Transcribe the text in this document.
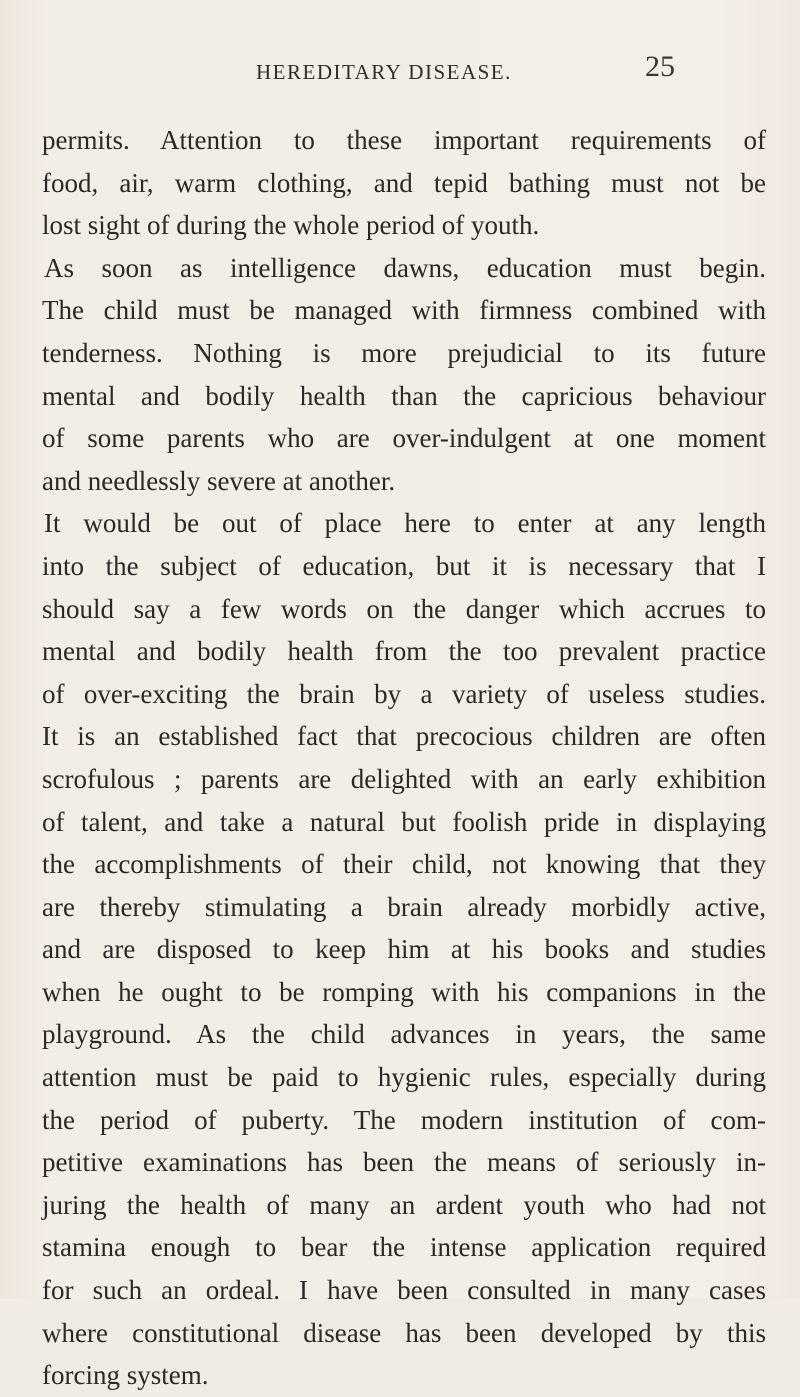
HEREDITARY DISEASE.	25
permits. Attention to these important requirements of
food, air, warm clothing, and tepid bathing must not be
lost sight of during the whole period of youth.
As soon as intelligence dawns, education must begin.
The child must be managed with firmness combined with
tenderness. Nothing is more prejudicial to its future
mental and bodily health than the capricious behaviour
of some parents who are over-indulgent at one moment
and needlessly severe at another.
It would be out of place here to enter at any length
into the subject of education, but it is necessary that I
should say a few words on the danger which accrues to
mental and bodily health from the too prevalent practice
of over-exciting the brain by a variety of useless studies.
It is an established fact that precocious children are often
scrofulous ; parents are delighted with an early exhibition
of talent, and take a natural but foolish pride in displaying
the accomplishments of their child, not knowing that they
are thereby stimulating a brain already morbidly active,
and are disposed to keep him at his books and studies
when he ought to be romping with his companions in the
playground. As the child advances in years, the same
attention must be paid to hygienic rules, especially during
the period of puberty. The modern institution of com-
petitive examinations has been the means of seriously in-
juring the health of many an ardent youth who had not
stamina enough to bear the intense application required
for such an ordeal. I have been consulted in many cases
where constitutional disease has been developed by this
forcing system.
